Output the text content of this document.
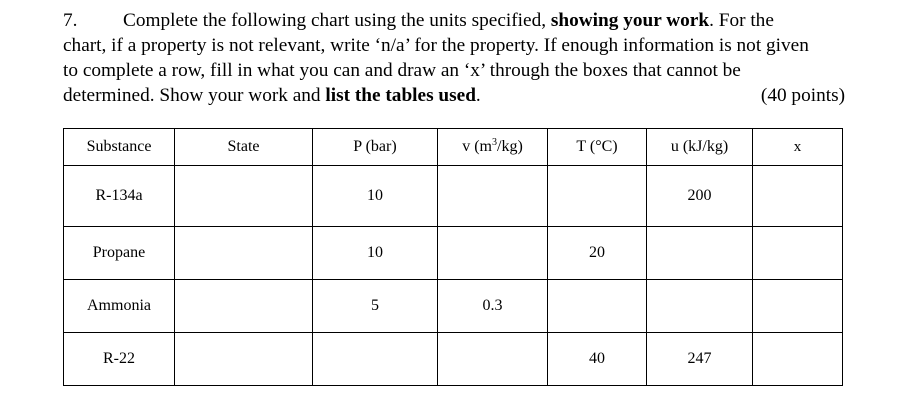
7. Complete the following chart using the units specified, showing your work. For the
chart, if a property is not relevant, write ‘n/a’ for the property. If enough information is not given
to complete a row, fill in what you can and draw an ‘x’ through the boxes that cannot be
determined. Show your work and list the tables used.	(40 points)
Substance	State	P (bar)	v $(m^3/kg)$	T (°C)	u (kJ/kg)	x
R-134a		10			200	
Propane		10		20		
Ammonia		5	0.3			
R-22				40	247	
